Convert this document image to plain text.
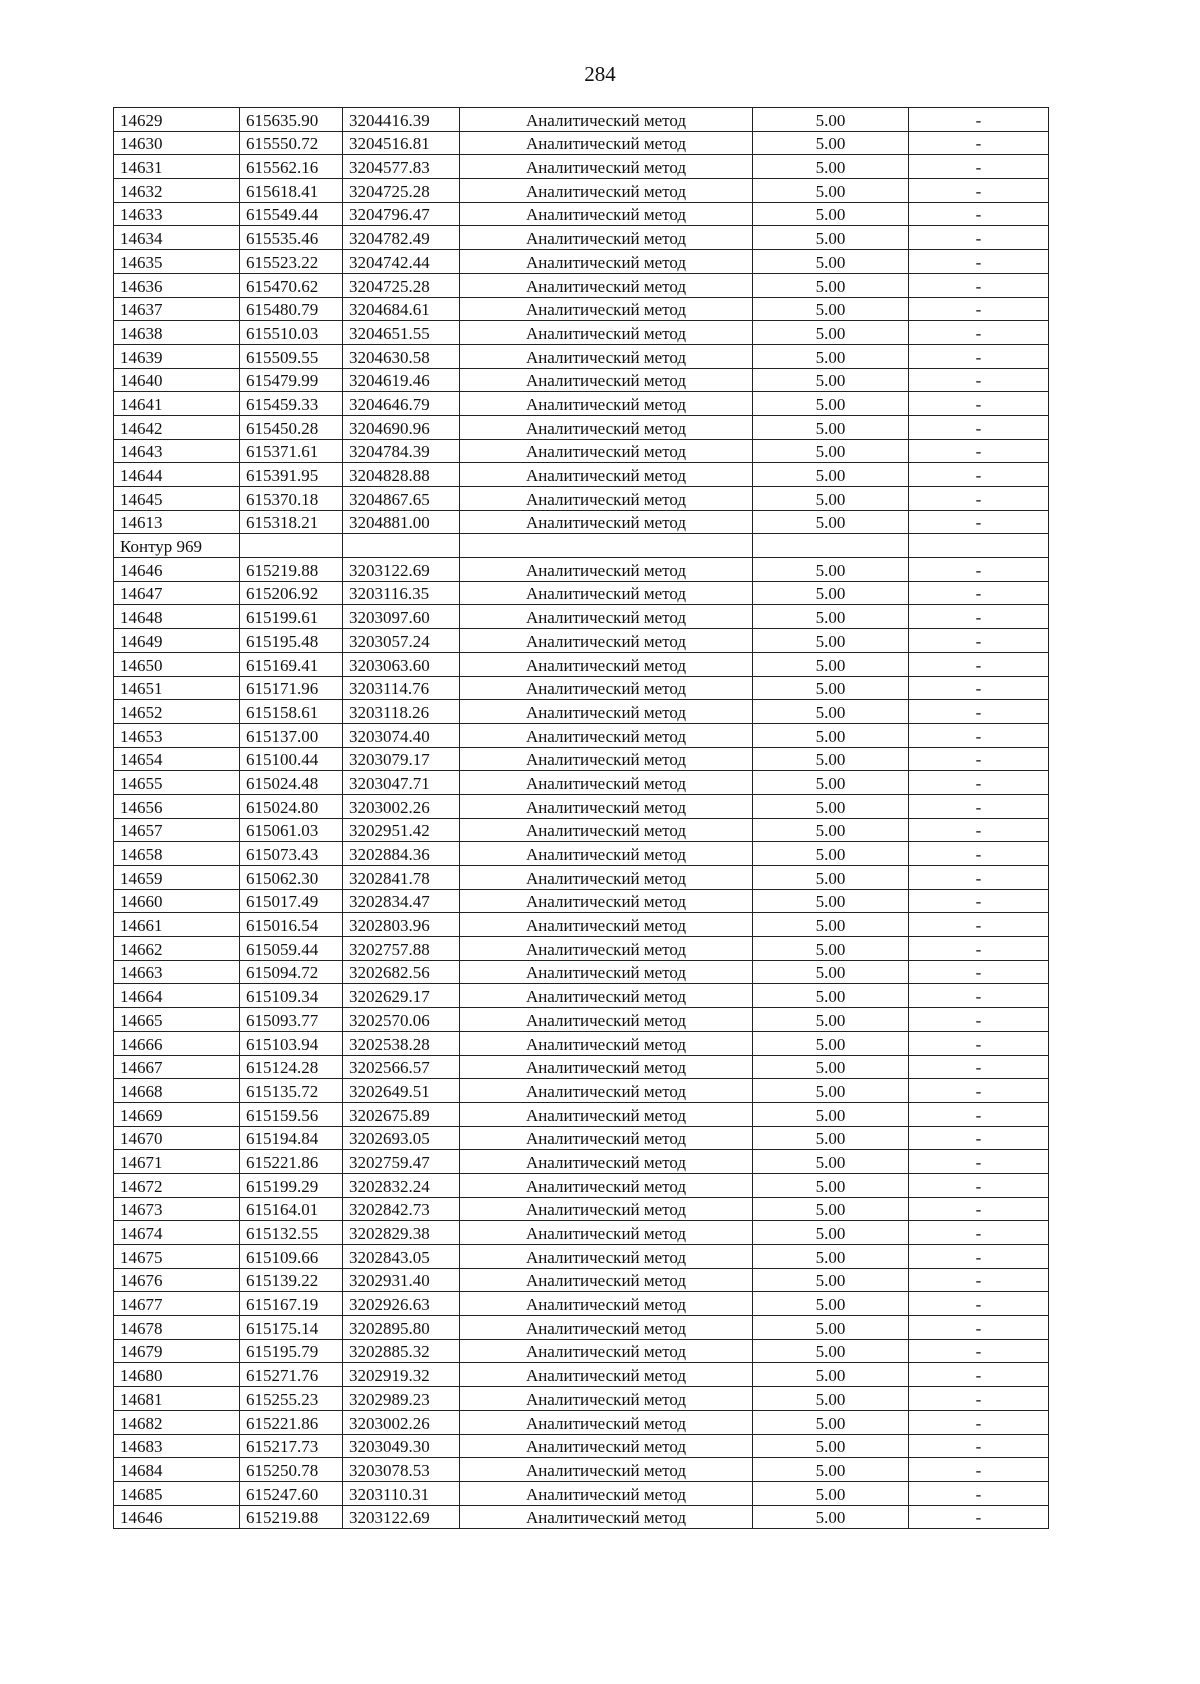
284
14629	615635.90	3204416.39	Аналитический метод	5.00	-
14630	615550.72	3204516.81	Аналитический метод	5.00	-
14631	615562.16	3204577.83	Аналитический метод	5.00	-
14632	615618.41	3204725.28	Аналитический метод	5.00	-
14633	615549.44	3204796.47	Аналитический метод	5.00	-
14634	615535.46	3204782.49	Аналитический метод	5.00	-
14635	615523.22	3204742.44	Аналитический метод	5.00	-
14636	615470.62	3204725.28	Аналитический метод	5.00	-
14637	615480.79	3204684.61	Аналитический метод	5.00	-
14638	615510.03	3204651.55	Аналитический метод	5.00	-
14639	615509.55	3204630.58	Аналитический метод	5.00	-
14640	615479.99	3204619.46	Аналитический метод	5.00	-
14641	615459.33	3204646.79	Аналитический метод	5.00	-
14642	615450.28	3204690.96	Аналитический метод	5.00	-
14643	615371.61	3204784.39	Аналитический метод	5.00	-
14644	615391.95	3204828.88	Аналитический метод	5.00	-
14645	615370.18	3204867.65	Аналитический метод	5.00	-
14613	615318.21	3204881.00	Аналитический метод	5.00	-
Контур 969					
14646	615219.88	3203122.69	Аналитический метод	5.00	-
14647	615206.92	3203116.35	Аналитический метод	5.00	-
14648	615199.61	3203097.60	Аналитический метод	5.00	-
14649	615195.48	3203057.24	Аналитический метод	5.00	-
14650	615169.41	3203063.60	Аналитический метод	5.00	-
14651	615171.96	3203114.76	Аналитический метод	5.00	-
14652	615158.61	3203118.26	Аналитический метод	5.00	-
14653	615137.00	3203074.40	Аналитический метод	5.00	-
14654	615100.44	3203079.17	Аналитический метод	5.00	-
14655	615024.48	3203047.71	Аналитический метод	5.00	-
14656	615024.80	3203002.26	Аналитический метод	5.00	-
14657	615061.03	3202951.42	Аналитический метод	5.00	-
14658	615073.43	3202884.36	Аналитический метод	5.00	-
14659	615062.30	3202841.78	Аналитический метод	5.00	-
14660	615017.49	3202834.47	Аналитический метод	5.00	-
14661	615016.54	3202803.96	Аналитический метод	5.00	-
14662	615059.44	3202757.88	Аналитический метод	5.00	-
14663	615094.72	3202682.56	Аналитический метод	5.00	-
14664	615109.34	3202629.17	Аналитический метод	5.00	-
14665	615093.77	3202570.06	Аналитический метод	5.00	-
14666	615103.94	3202538.28	Аналитический метод	5.00	-
14667	615124.28	3202566.57	Аналитический метод	5.00	-
14668	615135.72	3202649.51	Аналитический метод	5.00	-
14669	615159.56	3202675.89	Аналитический метод	5.00	-
14670	615194.84	3202693.05	Аналитический метод	5.00	-
14671	615221.86	3202759.47	Аналитический метод	5.00	-
14672	615199.29	3202832.24	Аналитический метод	5.00	-
14673	615164.01	3202842.73	Аналитический метод	5.00	-
14674	615132.55	3202829.38	Аналитический метод	5.00	-
14675	615109.66	3202843.05	Аналитический метод	5.00	-
14676	615139.22	3202931.40	Аналитический метод	5.00	-
14677	615167.19	3202926.63	Аналитический метод	5.00	-
14678	615175.14	3202895.80	Аналитический метод	5.00	-
14679	615195.79	3202885.32	Аналитический метод	5.00	-
14680	615271.76	3202919.32	Аналитический метод	5.00	-
14681	615255.23	3202989.23	Аналитический метод	5.00	-
14682	615221.86	3203002.26	Аналитический метод	5.00	-
14683	615217.73	3203049.30	Аналитический метод	5.00	-
14684	615250.78	3203078.53	Аналитический метод	5.00	-
14685	615247.60	3203110.31	Аналитический метод	5.00	-
14646	615219.88	3203122.69	Аналитический метод	5.00	-
